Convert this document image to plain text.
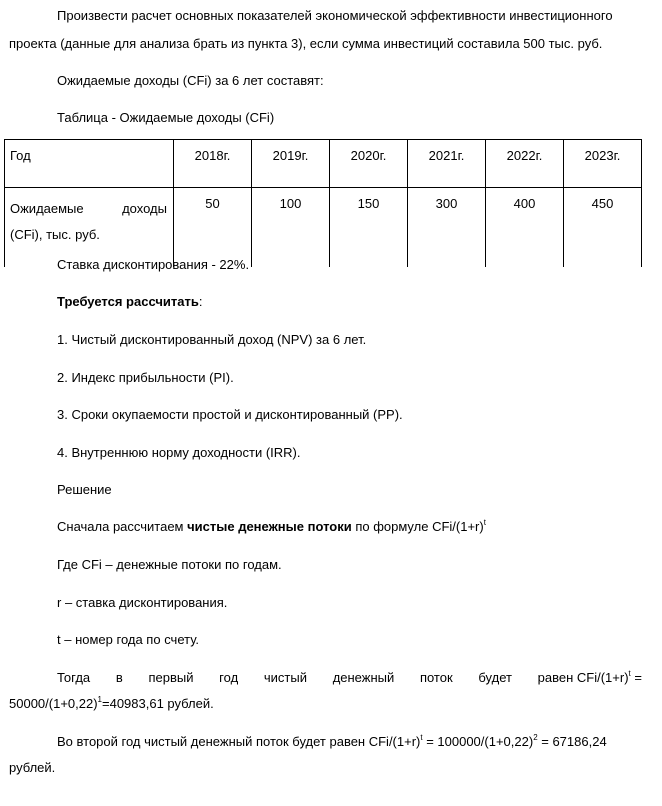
Произвести расчет основных показателей экономической эффективности инвестиционного
проекта (данные для анализа брать из пункта 3), если сумма инвестиций составила 500 тыс. руб.
Ожидаемые доходы (CFi) за 6 лет составят:
Таблица - Ожидаемые доходы (CFi)
Год	2018г.	2019г.	2020г.	2021г.	2022г.	2023г.

Ожидаемые доходы
(CFi), тыс. руб.	50	100	150	300	400	450
Ставка дисконтирования - 22%.
Требуется рассчитать:
1. Чистый дисконтированный доход (NPV) за 6 лет.
2. Индекс прибыльности (PI).
3. Сроки окупаемости простой и дисконтированный (PP).
4. Внутреннюю норму доходности (IRR).
Решение
Сначала рассчитаем чистые денежные потоки по формуле CFi/$(1+r)^t$
Где CFi – денежные потоки по годам.
r – ставка дисконтирования.
t – номер года по счету.
Тогда в первый год чистый денежный поток будет равен CFi/$(1+r)^t$ =
$50000/(1+0,22)^1=40983,61$ рублей.
Во второй год чистый денежный поток будет равен CFi/$(1+r)^t = 100000/(1+0,22)^2 = 67186,24$
рублей.
